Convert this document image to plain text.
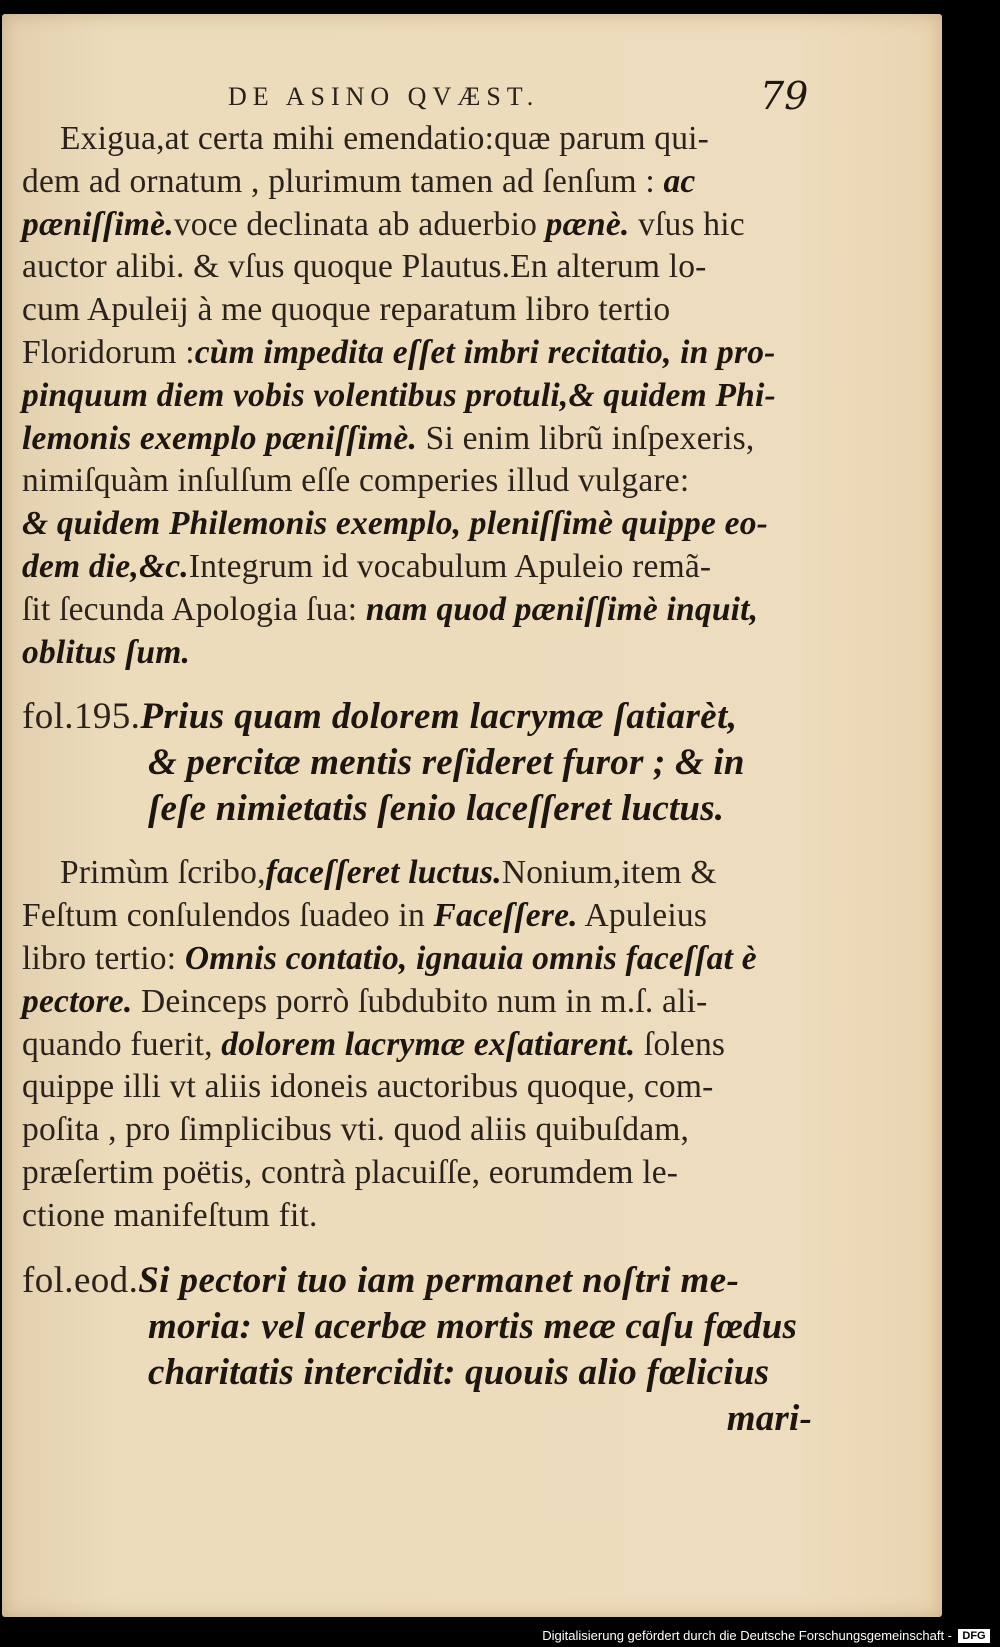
DE ASINO QVÆST.	79
Exigua,at certa mihi emendatio:quæ parum qui-
dem ad ornatum , plurimum tamen ad ſenſum : ac
pæniſſimè.voce declinata ab aduerbio pænè. vſus hic
auctor alibi. & vſus quoque Plautus.En alterum lo-
cum Apuleij à me quoque reparatum libro tertio
Floridorum :cùm impedita eſſet imbri recitatio, in pro-
pinquum diem vobis volentibus protuli,& quidem Phi-
lemonis exemplo pæniſſimè. Si enim librũ inſpexeris,
nimiſquàm inſulſum eſſe comperies illud vulgare:
& quidem Philemonis exemplo, pleniſſimè quippe eo-
dem die,&c.Integrum id vocabulum Apuleio remã-
ſit ſecunda Apologia ſua: nam quod pæniſſimè inquit,
oblitus ſum.
fol.195.Prius quam dolorem lacrymæ ſatiarèt,
& percitæ mentis reſideret furor ; & in
ſeſe nimietatis ſenio laceſſeret luctus.
Primùm ſcribo,faceſſeret luctus.Nonium,item &
Feſtum conſulendos ſuadeo in Faceſſere. Apuleius
libro tertio: Omnis contatio, ignauia omnis faceſſat è
pectore. Deinceps porrò ſubdubito num in m.ſ. ali-
quando fuerit, dolorem lacrymæ exſatiarent. ſolens
quippe illi vt aliis idoneis auctoribus quoque, com-
poſita , pro ſimplicibus vti. quod aliis quibuſdam,
præſertim poëtis, contrà placuiſſe, eorumdem le-
ctione manifeſtum fit.
fol.eod.Si pectori tuo iam permanet noſtri me-
moria: vel acerbæ mortis meæ caſu fœdus
charitatis intercidit: quouis alio fœlicius
mari-
Digitalisierung gefördert durch die Deutsche Forschungsgemeinschaft - DFG
